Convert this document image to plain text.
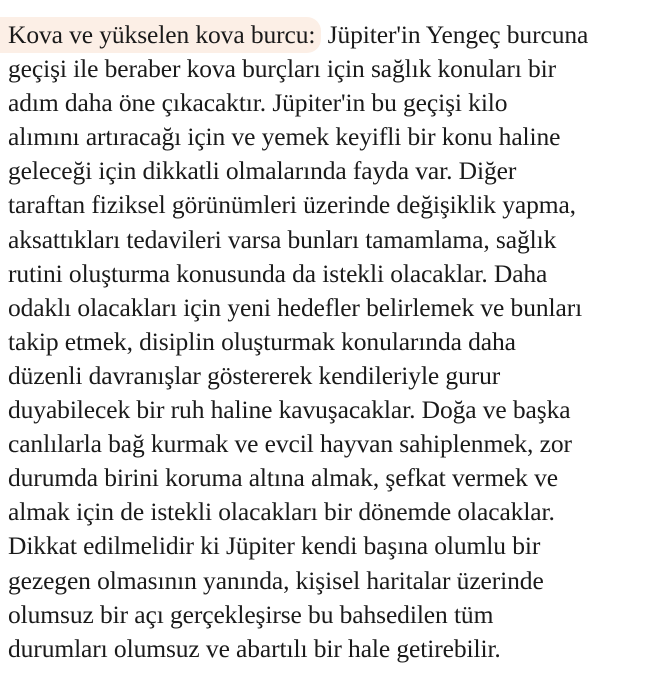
Kova ve yükselen kova burcu: Jüpiter'in Yengeç burcuna
geçişi ile beraber kova burçları için sağlık konuları bir
adım daha öne çıkacaktır. Jüpiter'in bu geçişi kilo
alımını artıracağı için ve yemek keyifli bir konu haline
geleceği için dikkatli olmalarında fayda var. Diğer
taraftan fiziksel görünümleri üzerinde değişiklik yapma,
aksattıkları tedavileri varsa bunları tamamlama, sağlık
rutini oluşturma konusunda da istekli olacaklar. Daha
odaklı olacakları için yeni hedefler belirlemek ve bunları
takip etmek, disiplin oluşturmak konularında daha
düzenli davranışlar göstererek kendileriyle gurur
duyabilecek bir ruh haline kavuşacaklar. Doğa ve başka
canlılarla bağ kurmak ve evcil hayvan sahiplenmek, zor
durumda birini koruma altına almak, şefkat vermek ve
almak için de istekli olacakları bir dönemde olacaklar.
Dikkat edilmelidir ki Jüpiter kendi başına olumlu bir
gezegen olmasının yanında, kişisel haritalar üzerinde
olumsuz bir açı gerçekleşirse bu bahsedilen tüm
durumları olumsuz ve abartılı bir hale getirebilir.
